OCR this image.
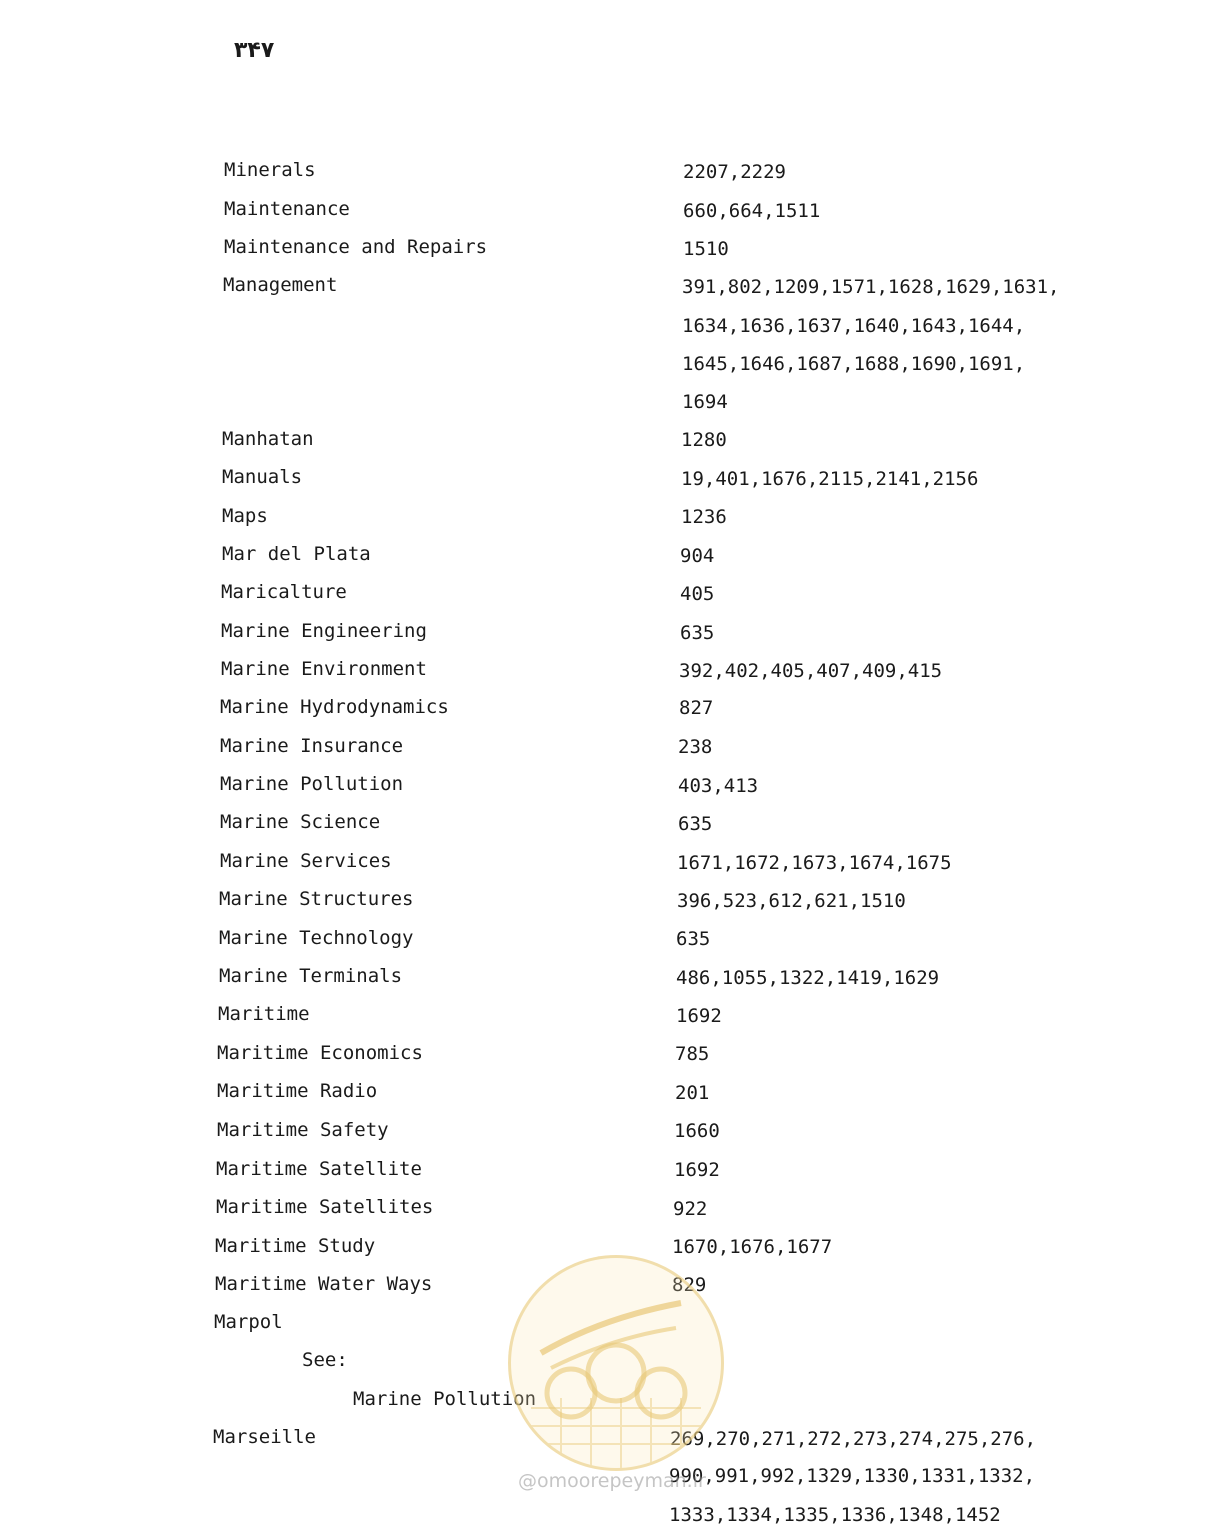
۳۴۷
Minerals	2207,2229
Maintenance	660,664,1511
Maintenance and Repairs	1510
Management	391,802,1209,1571,1628,1629,1631,
1634,1636,1637,1640,1643,1644,
1645,1646,1687,1688,1690,1691,
1694
Manhatan	1280
Manuals	19,401,1676,2115,2141,2156
Maps	1236
Mar del Plata	904
Maricalture	405
Marine Engineering	635
Marine Environment	392,402,405,407,409,415
Marine Hydrodynamics	827
Marine Insurance	238
Marine Pollution	403,413
Marine Science	635
Marine Services	1671,1672,1673,1674,1675
Marine Structures	396,523,612,621,1510
Marine Technology	635
Marine Terminals	486,1055,1322,1419,1629
Maritime	1692
Maritime Economics	785
Maritime Radio	201
Maritime Safety	1660
Maritime Satellite	1692
Maritime Satellites	922
Maritime Study	1670,1676,1677
Maritime Water Ways	829
Marpol
See:
Marine Pollution
Marseille	269,270,271,272,273,274,275,276,
990,991,992,1329,1330,1331,1332,
1333,1334,1335,1336,1348,1452
@omoorepeyman.ir
